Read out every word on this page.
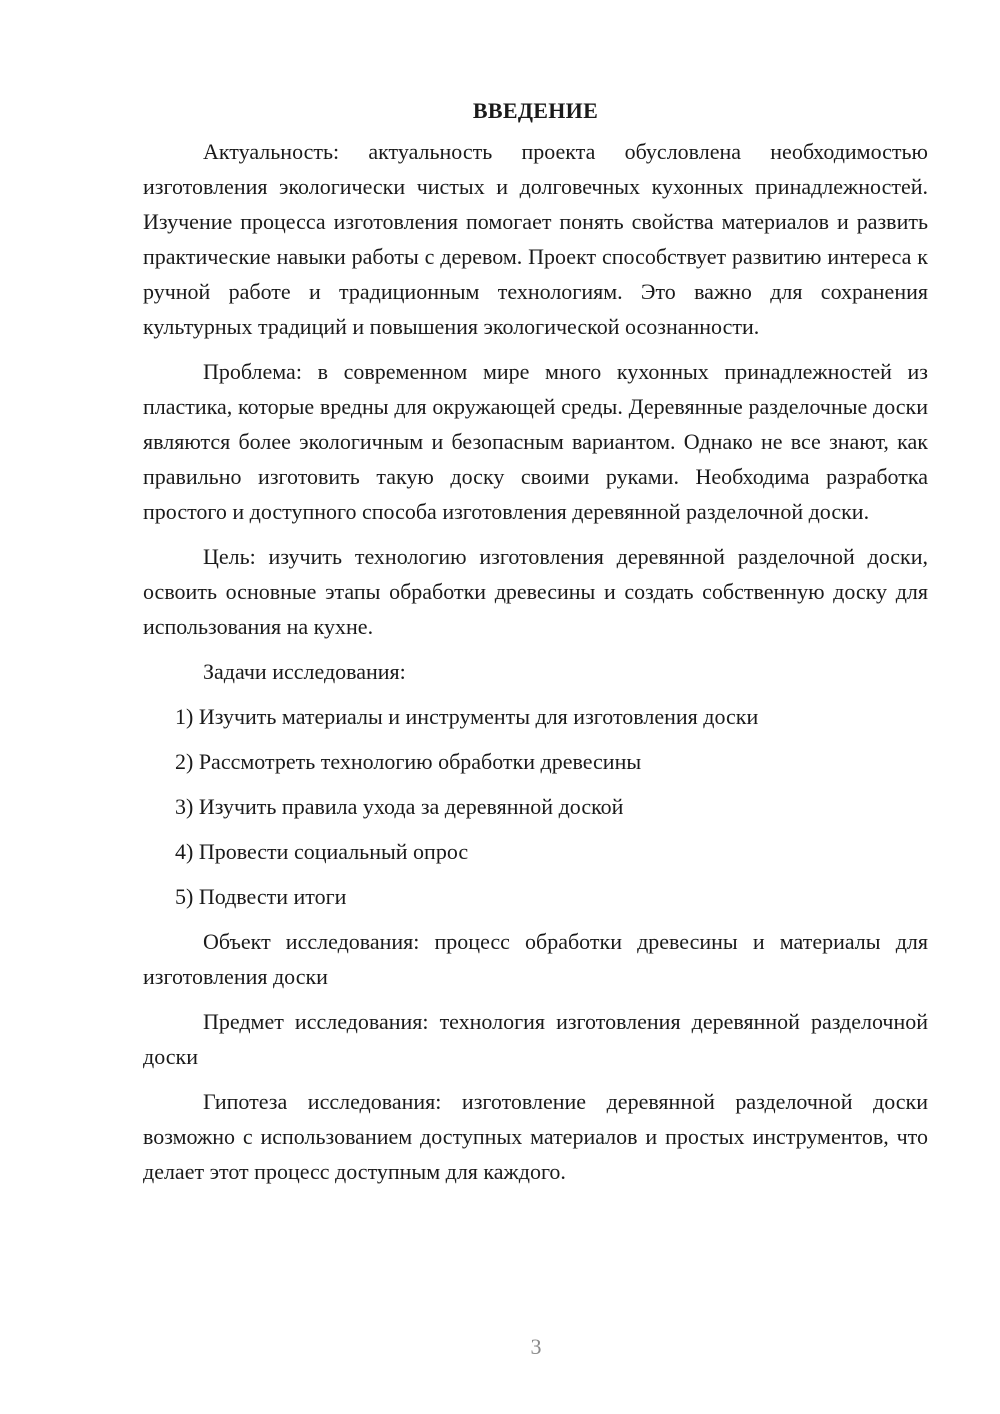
ВВЕДЕНИЕ

Актуальность: актуальность проекта обусловлена необходимостью изготовления экологически чистых и долговечных кухонных принадлежностей. Изучение процесса изготовления помогает понять свойства материалов и развить практические навыки работы с деревом. Проект способствует развитию интереса к ручной работе и традиционным технологиям. Это важно для сохранения культурных традиций и повышения экологической осознанности.

Проблема: в современном мире много кухонных принадлежностей из пластика, которые вредны для окружающей среды. Деревянные разделочные доски являются более экологичным и безопасным вариантом. Однако не все знают, как правильно изготовить такую доску своими руками. Необходима разработка простого и доступного способа изготовления деревянной разделочной доски.

Цель: изучить технологию изготовления деревянной разделочной доски, освоить основные этапы обработки древесины и создать собственную доску для использования на кухне.

Задачи исследования:

1) Изучить материалы и инструменты для изготовления доски
2) Рассмотреть технологию обработки древесины
3) Изучить правила ухода за деревянной доской
4) Провести социальный опрос
5) Подвести итоги

Объект исследования: процесс обработки древесины и материалы для изготовления доски

Предмет исследования: технология изготовления деревянной разделочной доски

Гипотеза исследования: изготовление деревянной разделочной доски возможно с использованием доступных материалов и простых инструментов, что делает этот процесс доступным для каждого.

3
